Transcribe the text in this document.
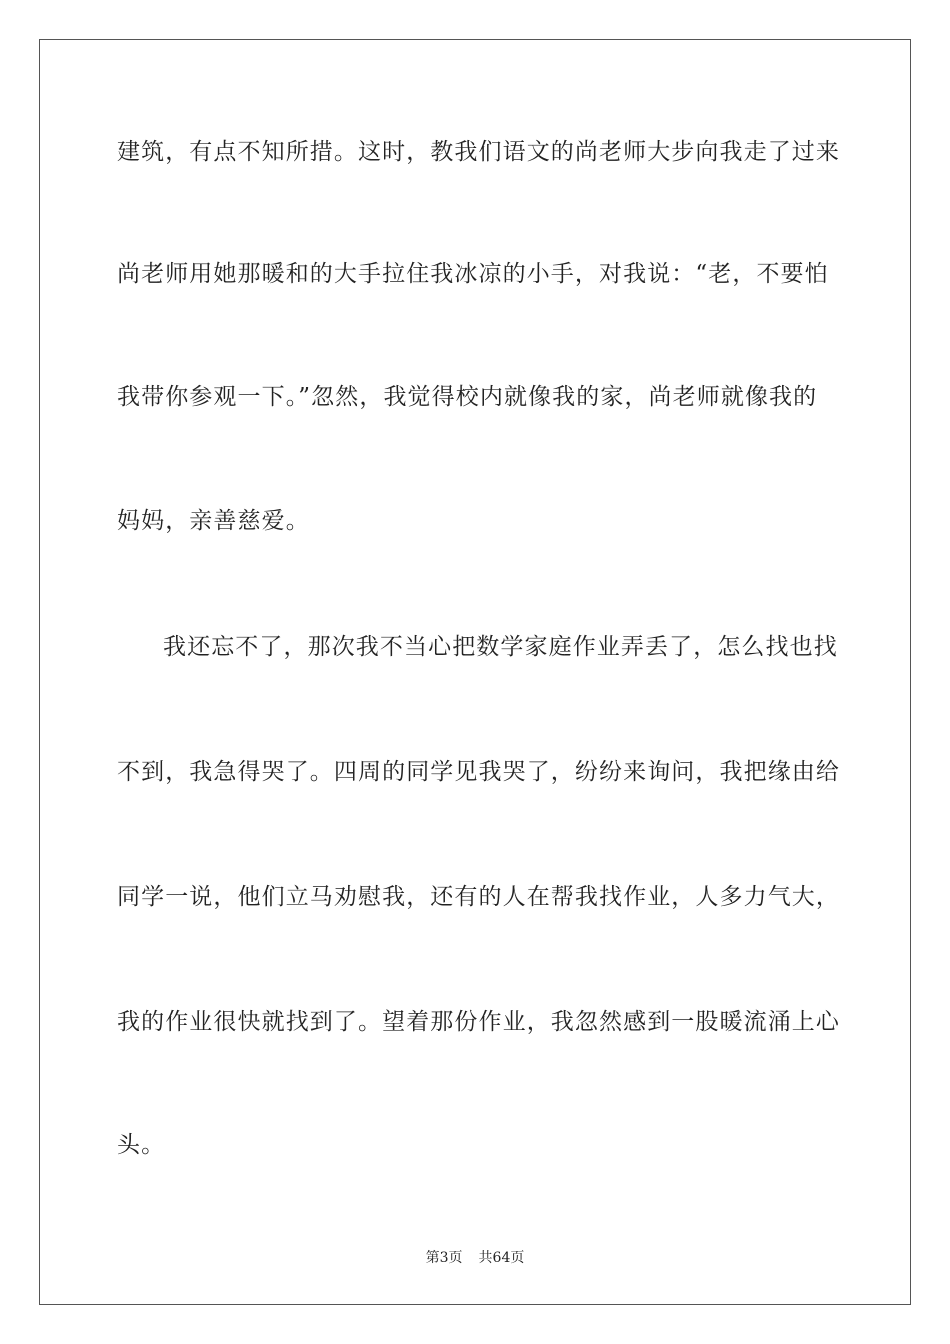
建筑，有点不知所措。这时，教我们语文的尚老师大步向我走了过来
尚老师用她那暖和的大手拉住我冰凉的小手，对我说：“老，不要怕
我带你参观一下。”忽然，我觉得校内就像我的家，尚老师就像我的
妈妈，亲善慈爱。
我还忘不了，那次我不当心把数学家庭作业弄丢了，怎么找也找
不到，我急得哭了。四周的同学见我哭了，纷纷来询问，我把缘由给
同学一说，他们立马劝慰我，还有的人在帮我找作业，人多力气大，
我的作业很快就找到了。望着那份作业，我忽然感到一股暖流涌上心
头。
第3页 共64页
